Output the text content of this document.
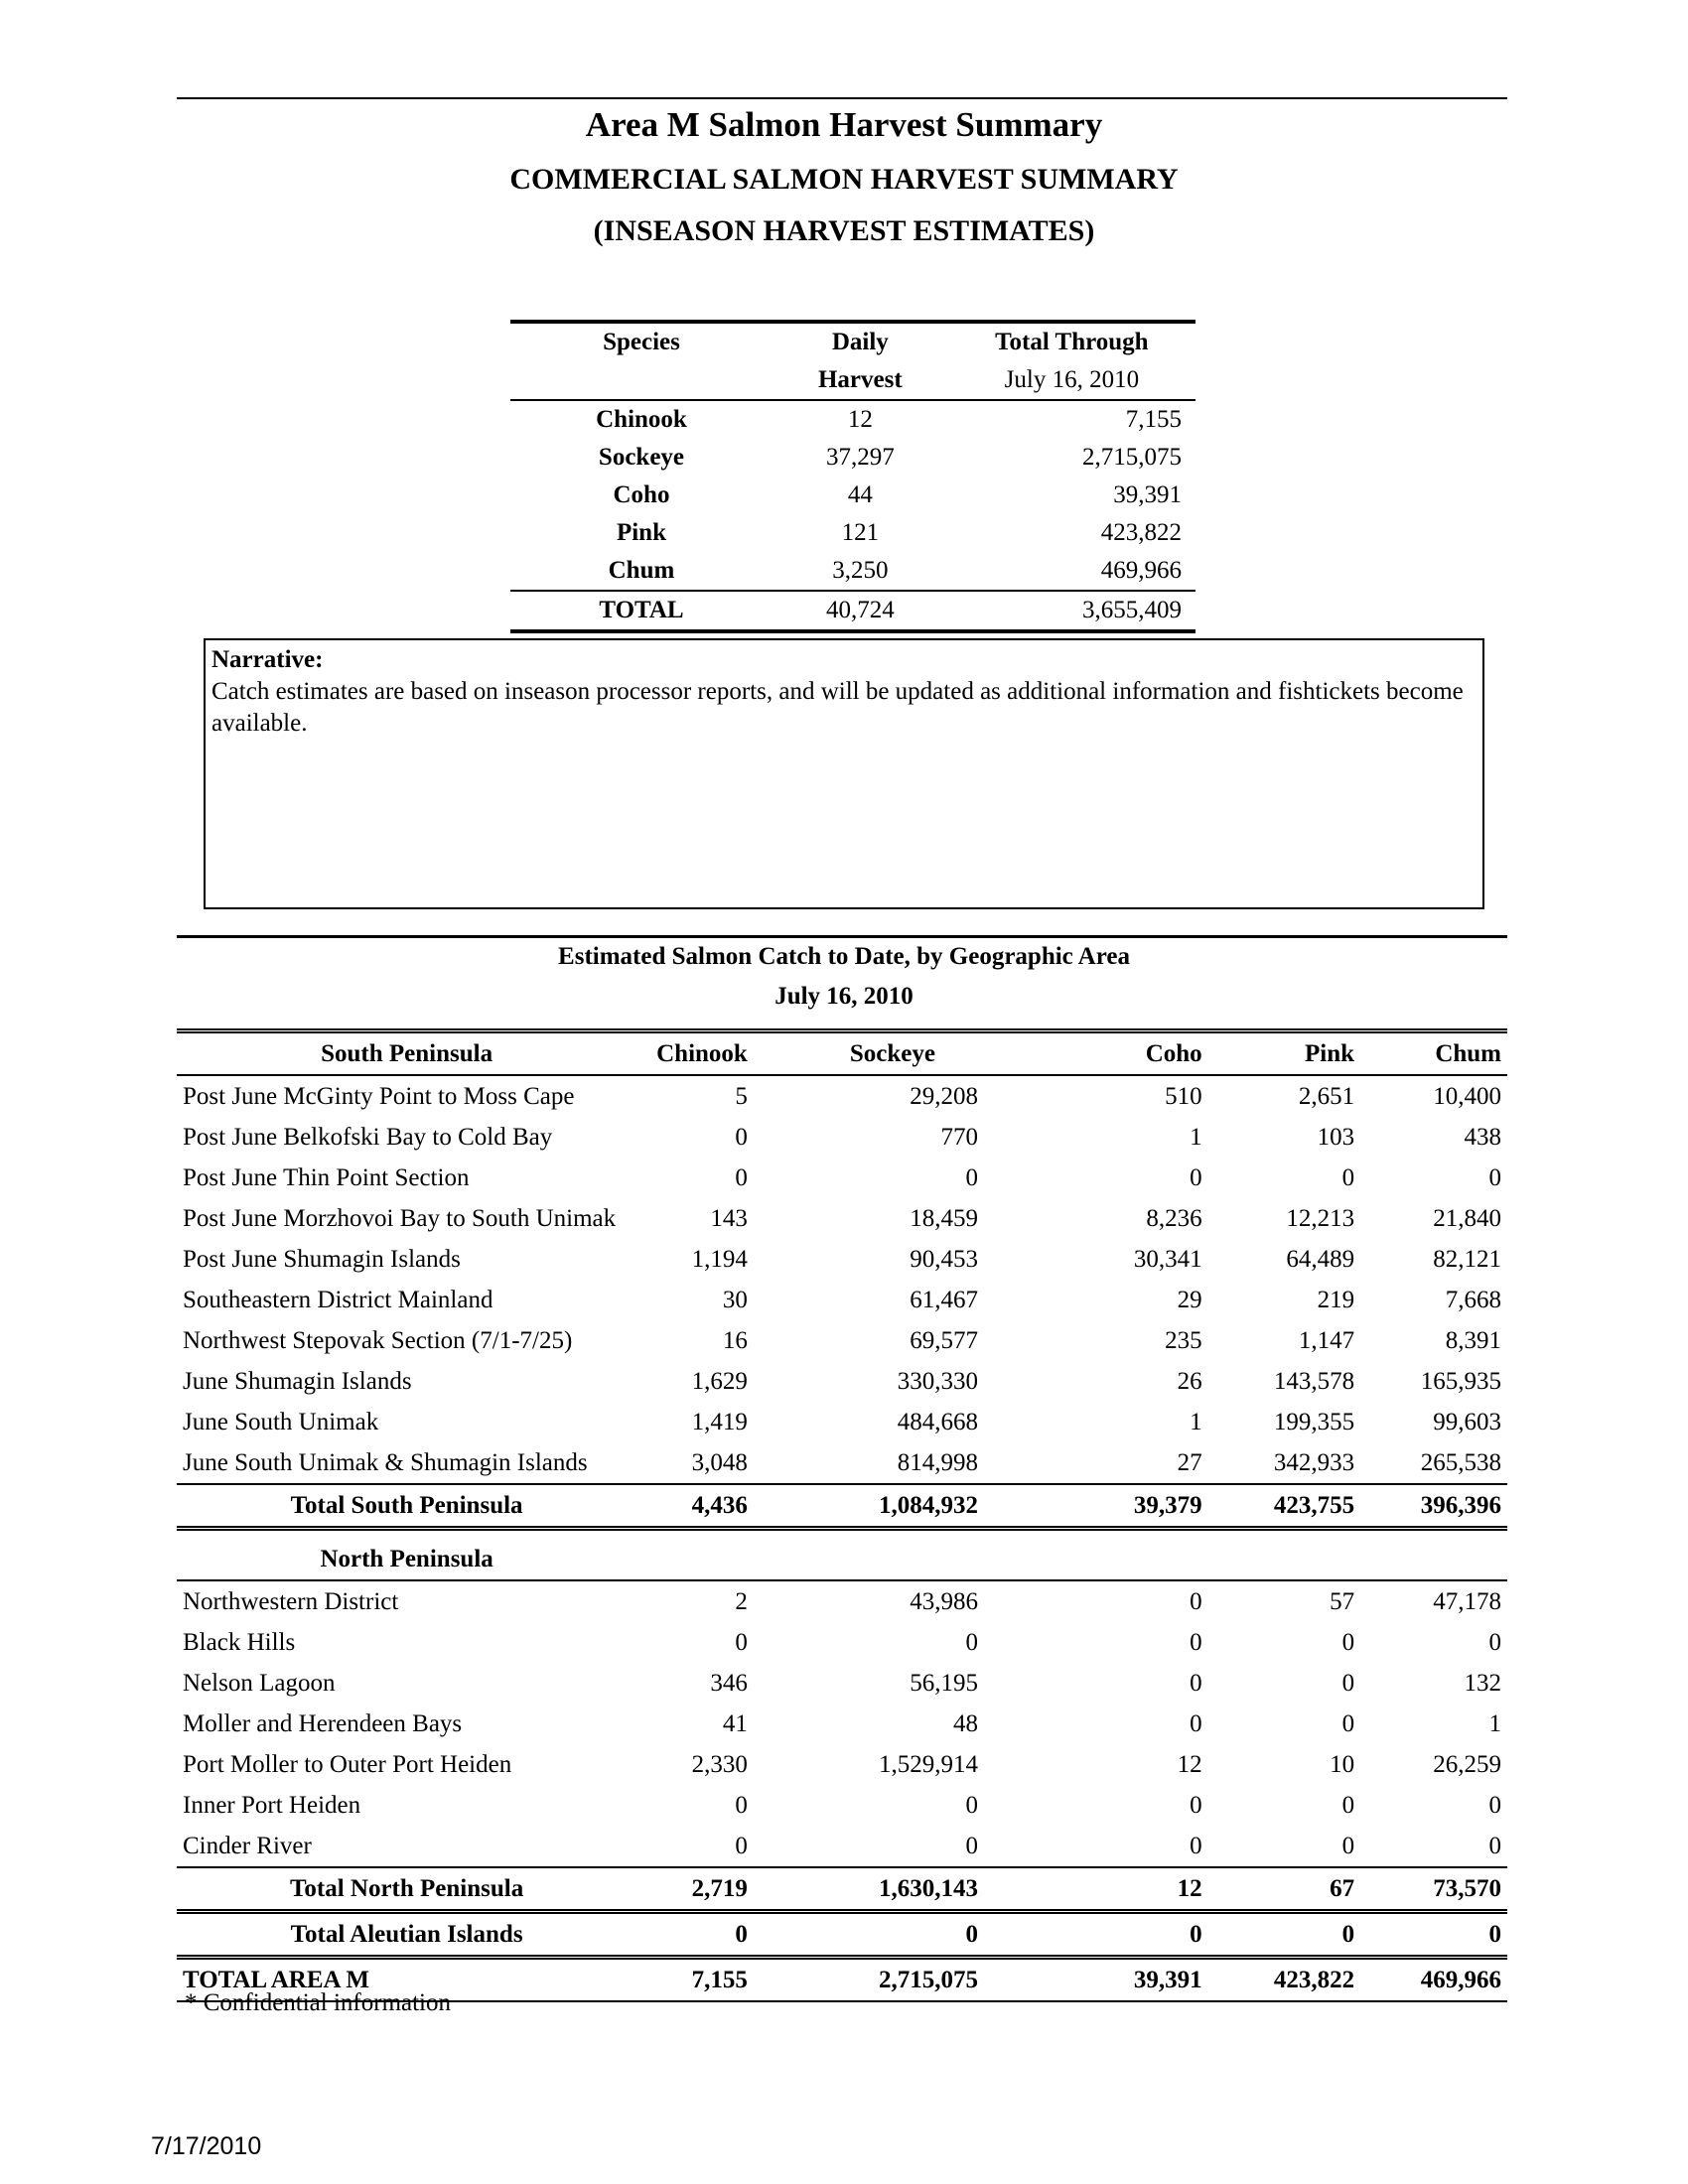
Area M Salmon Harvest Summary
COMMERCIAL SALMON HARVEST SUMMARY
(INSEASON HARVEST ESTIMATES)
Species	Daily	Total Through
	Harvest	July 16, 2010
Chinook	12	7,155
Sockeye	37,297	2,715,075
Coho	44	39,391
Pink	121	423,822
Chum	3,250	469,966
TOTAL	40,724	3,655,409
Narrative:
Catch estimates are based on inseason processor reports, and will be updated as additional information and fishtickets become available.
Estimated Salmon Catch to Date, by Geographic Area
July 16, 2010
South Peninsula	Chinook	Sockeye	Coho	Pink	Chum
Post June McGinty Point to Moss Cape	5	29,208	510	2,651	10,400
Post June Belkofski Bay to Cold Bay	0	770	1	103	438
Post June Thin Point Section	0	0	0	0	0
Post June Morzhovoi Bay to South Unimak	143	18,459	8,236	12,213	21,840
Post June Shumagin Islands	1,194	90,453	30,341	64,489	82,121
Southeastern District Mainland	30	61,467	29	219	7,668
Northwest Stepovak Section (7/1-7/25)	16	69,577	235	1,147	8,391
June Shumagin Islands	1,629	330,330	26	143,578	165,935
June South Unimak	1,419	484,668	1	199,355	99,603
June South Unimak & Shumagin Islands	3,048	814,998	27	342,933	265,538
Total South Peninsula	4,436	1,084,932	39,379	423,755	396,396

North Peninsula					
Northwestern District	2	43,986	0	57	47,178
Black Hills	0	0	0	0	0
Nelson Lagoon	346	56,195	0	0	132
Moller and Herendeen Bays	41	48	0	0	1
Port Moller to Outer Port Heiden	2,330	1,529,914	12	10	26,259
Inner Port Heiden	0	0	0	0	0
Cinder River	0	0	0	0	0
Total North Peninsula	2,719	1,630,143	12	67	73,570
Total Aleutian Islands	0	0	0	0	0
TOTAL AREA M	7,155	2,715,075	39,391	423,822	469,966
* Confidential information
7/17/2010
